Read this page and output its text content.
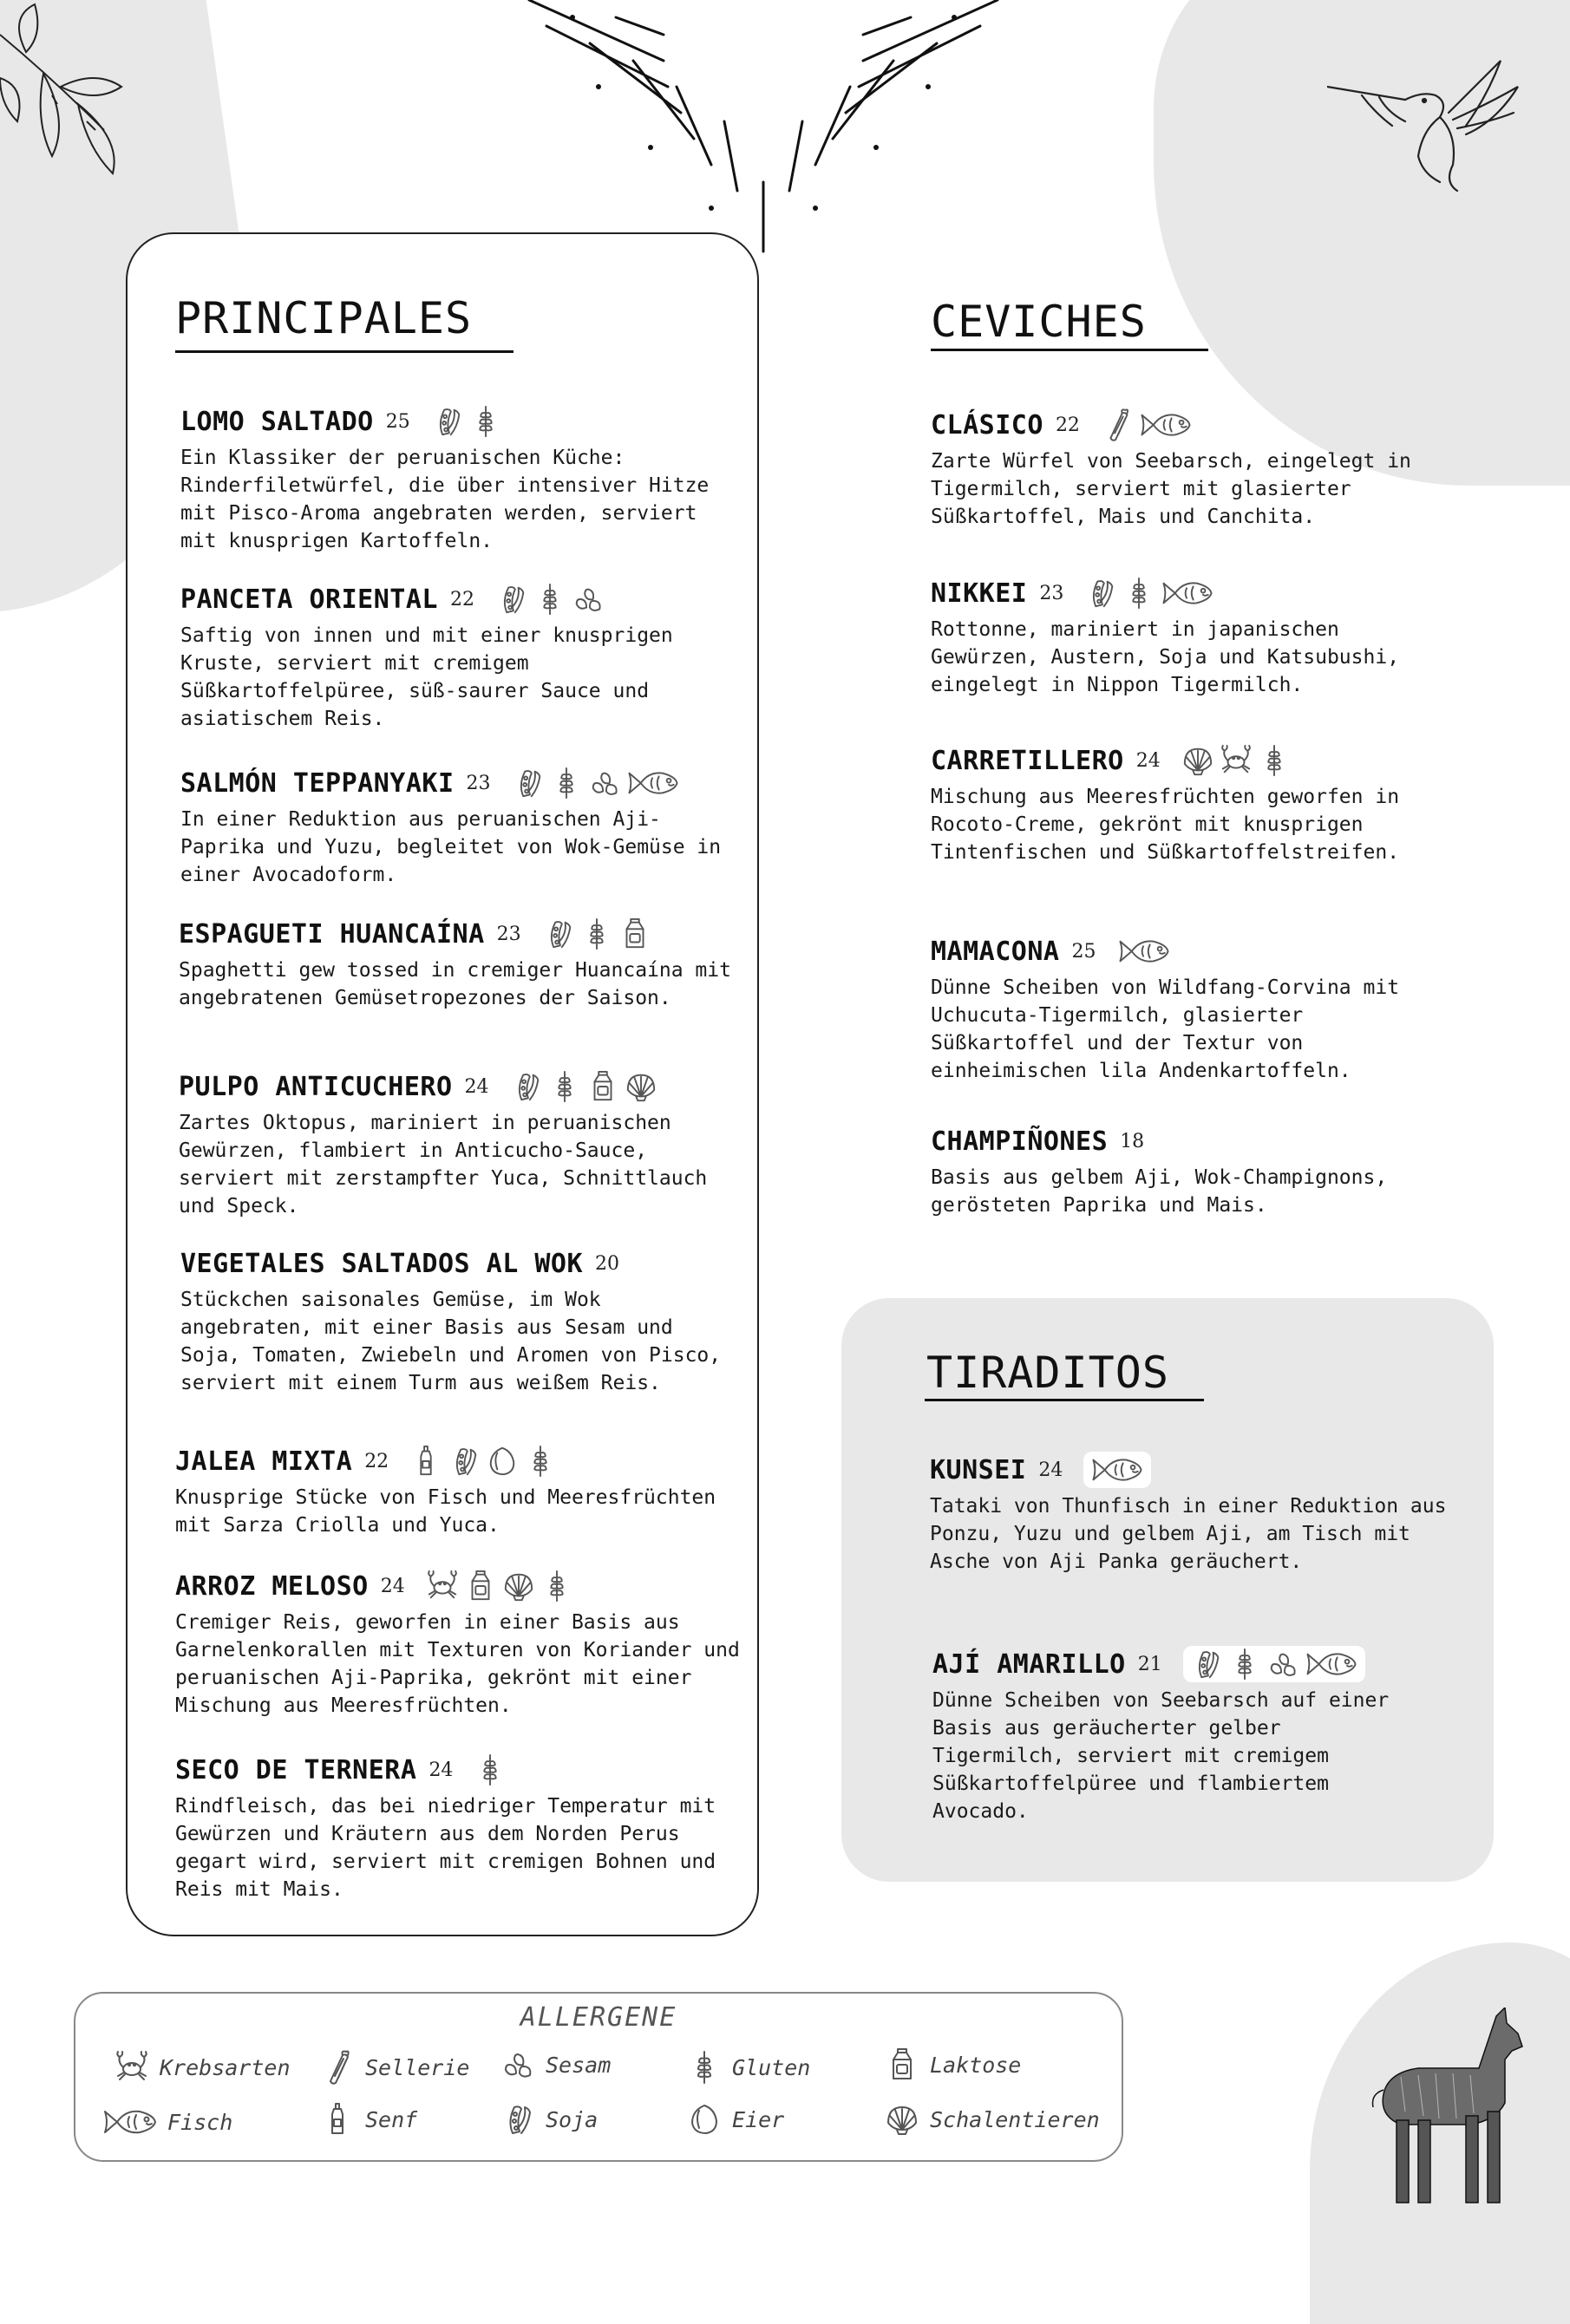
PRINCIPALES	CEVICHES
TIRADITOS
LOMO SALTADO 25
Ein Klassiker der peruanischen Küche: Rinderfiletwürfel, die über intensiver Hitze mit Pisco-Aroma angebraten werden, serviert mit knusprigen Kartoffeln.
PANCETA ORIENTAL 22
Saftig von innen und mit einer knusprigen Kruste, serviert mit cremigem Süßkartoffelpüree, süß-saurer Sauce und asiatischem Reis.
SALMÓN TEPPANYAKI 23
In einer Reduktion aus peruanischen Aji-Paprika und Yuzu, begleitet von Wok-Gemüse in einer Avocadoform.
ESPAGUETI HUANCAÍNA 23
Spaghetti gew tossed in cremiger Huancaína mit angebratenen Gemüsetropezones der Saison.
PULPO ANTICUCHERO 24
Zartes Oktopus, mariniert in peruanischen Gewürzen, flambiert in Anticucho-Sauce, serviert mit zerstampfter Yuca, Schnittlauch und Speck.
VEGETALES SALTADOS AL WOK 20
Stückchen saisonales Gemüse, im Wok angebraten, mit einer Basis aus Sesam und Soja, Tomaten, Zwiebeln und Aromen von Pisco, serviert mit einem Turm aus weißem Reis.
JALEA MIXTA 22
Knusprige Stücke von Fisch und Meeresfrüchten mit Sarza Criolla und Yuca.
ARROZ MELOSO 24
Cremiger Reis, geworfen in einer Basis aus Garnelenkorallen mit Texturen von Koriander und peruanischen Aji-Paprika, gekrönt mit einer Mischung aus Meeresfrüchten.
SECO DE TERNERA 24
Rindfleisch, das bei niedriger Temperatur mit Gewürzen und Kräutern aus dem Norden Perus gegart wird, serviert mit cremigen Bohnen und Reis mit Mais.
CLÁSICO 22
Zarte Würfel von Seebarsch, eingelegt in Tigermilch, serviert mit glasierter Süßkartoffel, Mais und Canchita.
NIKKEI 23
Rottonne, mariniert in japanischen Gewürzen, Austern, Soja und Katsubushi, eingelegt in Nippon Tigermilch.
CARRETILLERO 24
Mischung aus Meeresfrüchten geworfen in Rocoto-Creme, gekrönt mit knusprigen Tintenfischen und Süßkartoffelstreifen.
MAMACONA 25
Dünne Scheiben von Wildfang-Corvina mit Uchucuta-Tigermilch, glasierter Süßkartoffel und der Textur von einheimischen lila Andenkartoffeln.
CHAMPIÑONES 18
Basis aus gelbem Aji, Wok-Champignons, gerösteten Paprika und Mais.
KUNSEI 24
Tataki von Thunfisch in einer Reduktion aus Ponzu, Yuzu und gelbem Aji, am Tisch mit Asche von Aji Panka geräuchert.
AJÍ AMARILLO 21
Dünne Scheiben von Seebarsch auf einer Basis aus geräucherter gelber Tigermilch, serviert mit cremigem Süßkartoffelpüree und flambiertem Avocado.
ALLERGENE
Krebsarten	Sellerie	Sesam	Gluten	Laktose
Fisch	Senf	Soja	Eier	Schalentieren
